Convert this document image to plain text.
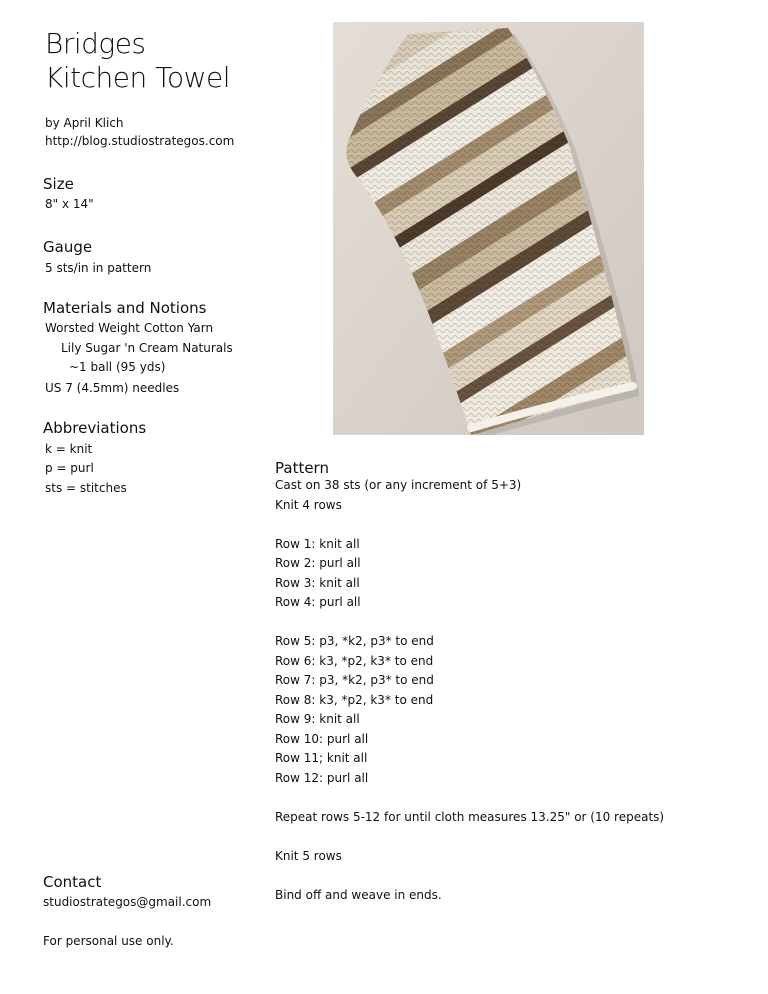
Bridges
Kitchen Towel
by April Klich
http://blog.studiostrategos.com
Size
8" x 14"
Gauge
5 sts/in in pattern
Materials and Notions
Worsted Weight Cotton Yarn
Lily Sugar 'n Cream Naturals
~1 ball (95 yds)
US 7 (4.5mm) needles
Abbreviations
k = knit
p = purl
sts = stitches
Pattern
Cast on 38 sts (or any increment of 5+3)
Knit 4 rows
Row 1: knit all
Row 2: purl all
Row 3: knit all
Row 4: purl all
Row 5: p3, *k2, p3* to end
Row 6: k3, *p2, k3* to end
Row 7: p3, *k2, p3* to end
Row 8: k3, *p2, k3* to end
Row 9: knit all
Row 10: purl all
Row 11; knit all
Row 12: purl all
Repeat rows 5-12 for until cloth measures 13.25" or (10 repeats)
Knit 5 rows
Bind off and weave in ends.
Contact
studiostrategos@gmail.com
For personal use only.
